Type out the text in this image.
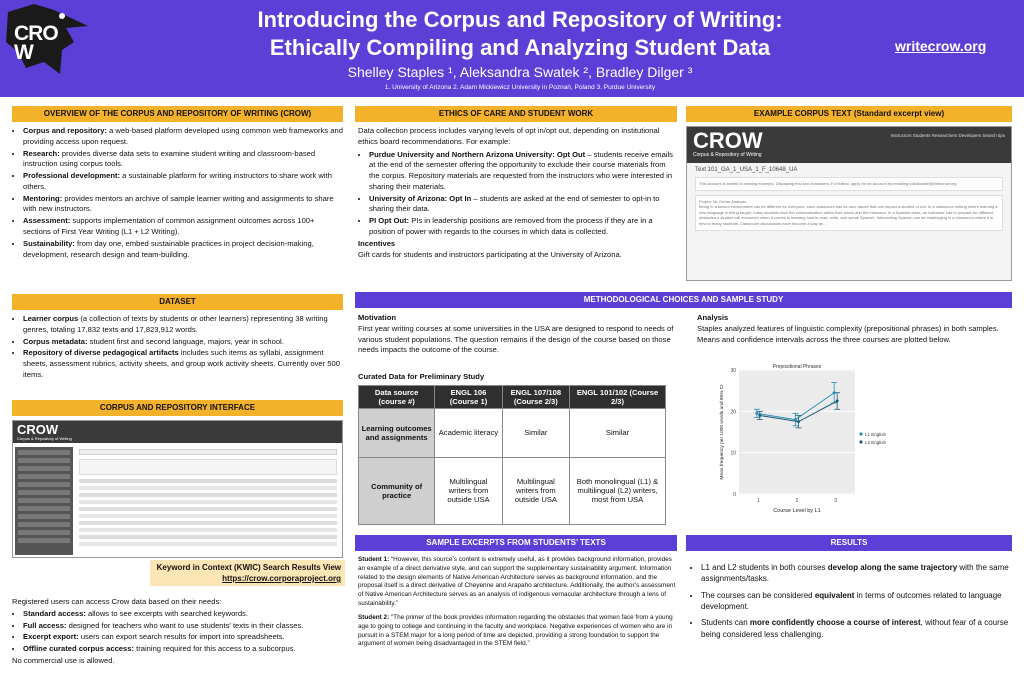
CROW
Introducing the Corpus and Repository of Writing:
Ethically Compiling and Analyzing Student Data
Shelley Staples ¹, Aleksandra Swatek ², Bradley Dilger ³
1. University of Arizona 2. Adam Mickiewicz University in Poznań, Poland 3. Purdue University
writecrow.org
OVERVIEW OF THE CORPUS AND REPOSITORY OF WRITING (CROW)
• Corpus and repository: a web-based platform developed using common web frameworks and providing access upon request.
• Research: provides diverse data sets to examine student writing and classroom-based instruction using corpus tools.
• Professional development: a sustainable platform for writing instructors to share work with others.
• Mentoring: provides mentors an archive of sample learner writing and assignments to share with new instructors.
• Assessment: supports implementation of common assignment outcomes across 100+ sections of First Year Writing (L1 + L2 Writing).
• Sustainability: from day one, embed sustainable practices in project decision-making, development, research design and team-building.
DATASET
• Learner corpus (a collection of texts by students or other learners) representing 38 writing genres, totaling 17,832 texts and 17,823,912 words.
• Corpus metadata: student first and second language, majors, year in school.
• Repository of diverse pedagogical artifacts includes such items as syllabi, assignment sheets, assessment rubrics, activity sheets, and group work activity sheets. Currently over 500 items.
CORPUS AND REPOSITORY INTERFACE
CROW
Corpus & Repository of Writing
Keyword in Context (KWIC) Search Results View
https://crow.corporaproject.org
Registered users can access Crow data based on their needs:
• Standard access: allows to see excerpts with searched keywords.
• Full access: designed for teachers who want to use students’ texts in their classes.
• Excerpt export: users can export search results for import into spreadsheets.
• Offline curated corpus access: training required for this access to a subcorpus.
No commercial use is allowed.
ETHICS OF CARE AND STUDENT WORK
Data collection process includes varying levels of opt in/opt out, depending on institutional ethics board recommendations. For example:
• Purdue University and Northern Arizona University: Opt Out – students receive emails at the end of the semester offering the opportunity to exclude their course materials from the corpus. Repository materials are requested from the instructors who were interested in sharing their materials.
• University of Arizona: Opt In – students are asked at the end of semester to opt-in to sharing their data.
• PI Opt Out: PIs in leadership positions are removed from the process if they are in a position of power with regards to the courses in which data is collected.
Incentives
Gift cards for students and instructors participating at the University of Arizona.
EXAMPLE CORPUS TEXT (Standard excerpt view)
CROW
Corpus & Repository of Writing
Instructors Students Researchers Developers Search tips
Text 101_GA_1_USA_1_F_10648_UA
This account is limited to viewing excerpts. Displaying first two characters. For fullest, apply for an account by emailing collaborate@writecrow.org
Project 3b: Genre Analysis
Being in a school environment can be different for everyone, each classroom has its own values that can impact a student or not. In a classroom setting where learning a new language is being taught, many students face the communication within their peers and the instructor. In a Spanish class, an instructor has to prepare for different obstacles a student will encounter when it comes to learning how to read, write, and speak Spanish. Interpreting Spanish can be challenging in a classroom where it is new to many students. Classroom discussions have become a way an...
METHODOLOGICAL CHOICES AND SAMPLE STUDY
Motivation
First year writing courses at some universities in the USA are designed to respond to needs of various student populations. The question remains if the design of the course based on those needs impacts the outcome of the course.
Curated Data for Preliminary Study
Data source (course #)	ENGL 106 (Course 1)	ENGL 107/108 (Course 2/3)	ENGL 101/102 (Course 2/3)
Learning outcomes and assignments	Academic literacy	Similar	Similar
Community of practice	Multilingual writers from outside USA	Multilingual writers from outside USA	Both monolingual (L1) & multilingual (L2) writers, most from USA
Analysis
Staples analyzed features of linguistic complexity (prepositional phrases) in both samples. Means and confidence intervals across the three courses are plotted below.
0
10
20
30
1	2	3
Prepositional Phrases
Course Level by L1
Mean frequency per 1000 words and 95% CI	L1 English
L2 English
SAMPLE EXCERPTS FROM STUDENTS’ TEXTS
Student 1: “However, this source’s content is extremely useful, as it provides background information, provides an example of a direct derivative style, and can support the supplementary sustainability argument. Information related to the design elements of Native American Architecture serves as background information, and the proposal itself is a direct derivative of Cheyenne and Arapaho architecture. Additionally, the author’s assessment of Native American Architecture serves as an analysis of indigenous vernacular architecture through a lens of sustainability.”
Student 2: “The primer of the book provides information regarding the obstacles that women face from a young age to going to college and continuing in the faculty and workplace. Negative experiences of women who are in pursuit in a STEM major for a long period of time are depicted, providing a strong foundation to support the argument of women being disadvantaged in the STEM field.”
RESULTS
• L1 and L2 students in both courses develop along the same trajectory with the same assignments/tasks.
• The courses can be considered equivalent in terms of outcomes related to language development.
• Students can more confidently choose a course of interest, without fear of a course being considered less challenging.
